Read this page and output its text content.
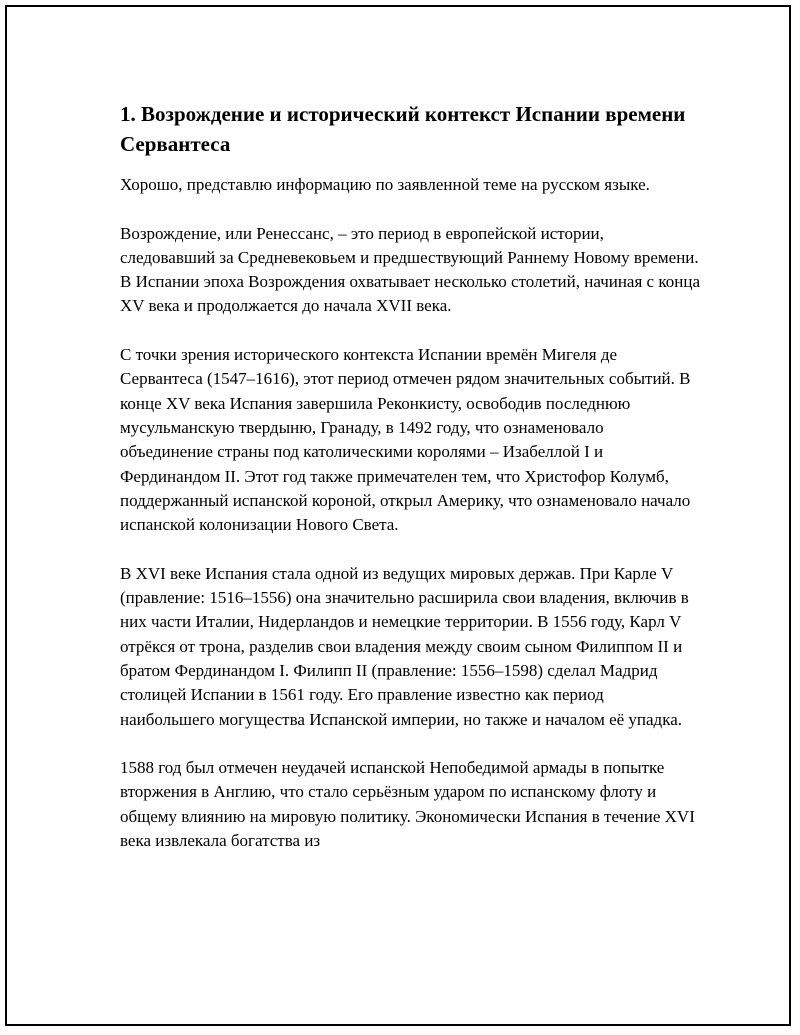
1. Возрождение и исторический контекст Испании времени Сервантеса

Хорошо, представлю информацию по заявленной теме на русском языке.

Возрождение, или Ренессанс, – это период в европейской истории, следовавший за Средневековьем и предшествующий Раннему Новому времени. В Испании эпоха Возрождения охватывает несколько столетий, начиная с конца XV века и продолжается до начала XVII века.

С точки зрения исторического контекста Испании времён Мигеля де Сервантеса (1547–1616), этот период отмечен рядом значительных событий. В конце XV века Испания завершила Реконкисту, освободив последнюю мусульманскую твердыню, Гранаду, в 1492 году, что ознаменовало объединение страны под католическими королями – Изабеллой I и Фердинандом II. Этот год также примечателен тем, что Христофор Колумб, поддержанный испанской короной, открыл Америку, что ознаменовало начало испанской колонизации Нового Света.

В XVI веке Испания стала одной из ведущих мировых держав. При Карле V (правление: 1516–1556) она значительно расширила свои владения, включив в них части Италии, Нидерландов и немецкие территории. В 1556 году, Карл V отрёкся от трона, разделив свои владения между своим сыном Филиппом II и братом Фердинандом I. Филипп II (правление: 1556–1598) сделал Мадрид столицей Испании в 1561 году. Его правление известно как период наибольшего могущества Испанской империи, но также и началом её упадка.

1588 год был отмечен неудачей испанской Непобедимой армады в попытке вторжения в Англию, что стало серьёзным ударом по испанскому флоту и общему влиянию на мировую политику. Экономически Испания в течение XVI века извлекала богатства из
